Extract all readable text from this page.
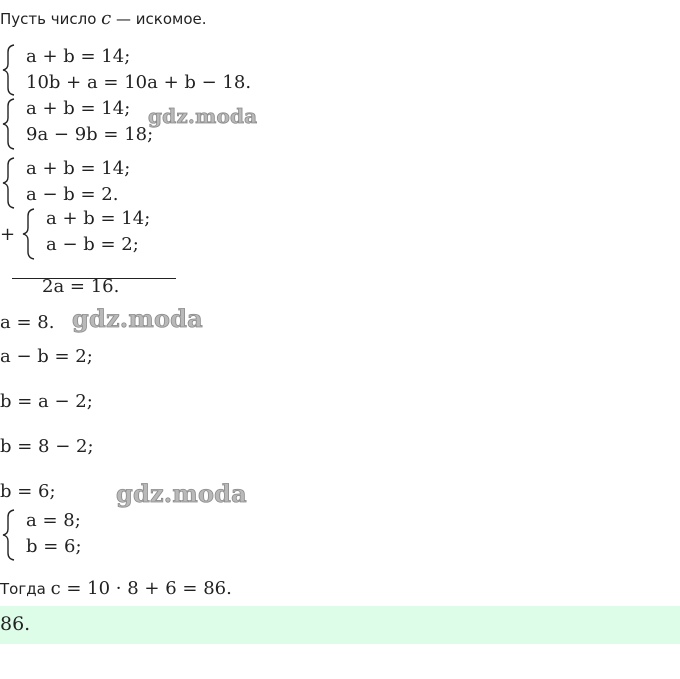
Пусть число c — искомое.
a + b = 14;
10b + a = 10a + b − 18.
a + b = 14;
9a − 9b = 18;
gdz.moda
a + b = 14;
a − b = 2.
+
a + b = 14;
a − b = 2;
2a = 16.
a = 8. gdz.moda
a − b = 2;
b = a − 2;
b = 8 − 2;
b = 6;	gdz.moda
a = 8;
b = 6;
Тогда c = 10 · 8 + 6 = 86.
86.
